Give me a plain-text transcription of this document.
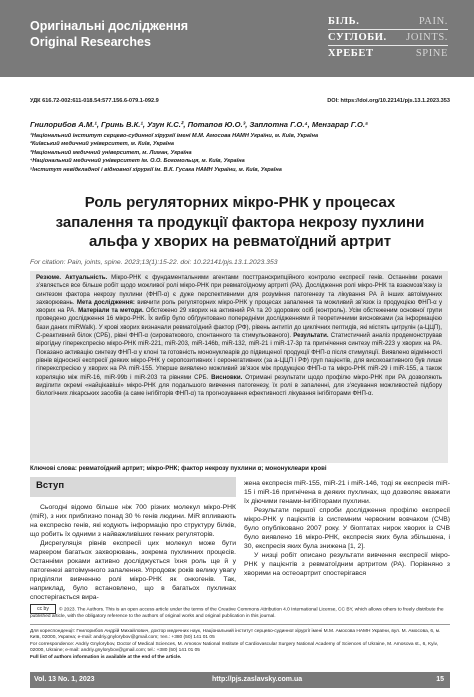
Оригінальні дослідження
Original Researches
БІЛЬ.	PAIN.
СУГЛОБИ. JOINTS.
ХРЕБЕТ	SPINE
УДК 616.72-002:611-018.54:577.156.6-079.1-092.9	DOI: https://doi.org/10.22141/pjs.13.1.2023.353
Гнилорибов А.М.¹, Гринь В.К.¹, Узун К.С.², Потапов Ю.О.³, Заплотна Г.О.⁴, Мензарар Г.О.⁵
¹Національний інститут серцево-судинної хірургії імені М.М. Амосова НАМН України, м. Київ, Україна
²Київський медичний університет, м. Київ, Україна
³Національний медичний університет, м. Лиман, Україна
⁴Національний медичний університет ім. О.О. Богомольця, м. Київ, Україна
⁵Інститут невідкладної і відновної хірургії ім. В.К. Гусака НАМН України, м. Київ, Україна
Роль регуляторних мікро-РНК у процесах запалення та продукції фактора некрозу пухлини альфа у хворих на ревматоїдний артрит
For citation: Pain, joints, spine. 2023;13(1):15-22. doi: 10.22141/pjs.13.1.2023.353
Резюме. Актуальність. Мікро-РНК є фундаментальними агентами посттранскрипційного контролю експресії генів. Останніми роками з’являється все більше робіт щодо можливої ролі мікро-РНК при ревматоїдному артриті (РА). Дослідження ролі мікро-РНК та взаємозв’язку із синтезом фактора некрозу пухлини (ФНП-α) є дуже перспективними для розуміння патогенезу та лікування РА й інших автоімунних захворювань. Мета дослідження: вивчити роль регуляторних мікро-РНК у процесах запалення та можливий зв’язок із продукцією ФНП-α у хворих на РА. Матеріали та методи. Обстежено 29 хворих на активний РА та 20 здорових осіб (контроль). Усім обстеженим основної групи проведено дослідження 16 мікро-РНК. Їх вибір було обґрунтовано попередніми дослідженнями й теоретичними висновками (за інформацією бази даних miRWalk). У крові хворих визначали ревматоїдний фактор (РФ), рівень антитіл до циклічних пептидів, які містять цитрулін (а-ЦЦП), С-реактивний білок (СРБ), рівні ФНП-α (сироваткового, спонтанного та стимульованого). Результати. Статистичний аналіз продемонстрував вірогідну гіперекспресію мікро-РНК miR-221, miR-203, miR-146b, miR-132, miR-21 і miR-17-3p та пригнічення синтезу miR-223 у хворих на РА. Показано активацію синтезу ФНП-α у клоні та готовність мононуклеарів до підвищеної продукції ФНП-α після стимуляції. Виявлено відмінності рівнів відносної експресії деяких мікро-РНК у серопозитивних і серонегативних (за а-ЦЦП і РФ) груп пацієнтів, для високоактивного був лише гіперекспресією у хворих на РА miR-155. Уперше виявлено можливий зв’язок між продукцією ФНП-α та мікро-РНК miR-29 і miR-155, а також кореляцію між miR-16, miR-99b і miR-203 та рівнями СРБ. Висновки. Отримані результати щодо профілю мікро-РНК при РА дозволяють виділити окремі «найцікавіші» мікро-РНК для подальшого вивчення патогенезу, їх ролі в запаленні, для з’ясування можливостей підбору біологічних лікарських засобів (а саме інгібіторів ФНП-α) та прогнозування ефективності лікування інгібіторами ФНП-α.
Ключові слова: ревматоїдний артрит; мікро-РНК; фактор некрозу пухлини α; мононуклеари крові
Вступ

Сьогодні відомо більше ніж 700 різних молекул мікро-РНК (miR), з них приблизно понад 30 % генів людини. MiR впливають на експресію генів, які кодують інформацію про структуру білків, що робить їх одними з найважливіших генних регуляторів.

Дисрегуляція рівнів експресії цих молекул може бути маркером багатьох захворювань, зокрема пухлинних процесів. Останніми роками активно досліджується їхня роль ще й у патогенезі автоімунного запалення. Упродовж років велику увагу приділяли вивченню ролі мікро-РНК як онкогенів. Так, наприклад, було встановлено, що в багатьох пухлинах спостерігається вира-

жена експресія miR-155, miR-21 і miR-146, тоді як експресія miR-15 і miR-16 пригнічена в деяких пухлинах, що дозволяє вважати їх діючими генами-інгібіторами пухлини.

Результати першої спроби дослідження профілю експресії мікро-РНК у пацієнтів із системним червоним вовчаком (СЧВ) було опубліковано 2007 року. У біоптатах нирок хворих із СЧВ було виявлено 16 мікро-РНК, експресія яких була збільшена, і 30, експресія яких була знижена [1, 2].

У низці робіт описано результати вивчення експресії мікро-РНК у пацієнтів з ревматоїдним артритом (РА). Порівняно з хворими на остеоартрит спостерігався

cc by © 2023. The Authors. This is an open access article under the terms of the Creative Commons Attribution 4.0 International License, CC BY, which allows others to freely distribute the published article, with the obligatory reference to the authors of original works and original publication in this journal.
Для кореспонденції: Гнилорибов Андрій Михайлович, доктор медичних наук, Національний інститут серцево-судинної хірургії імені М.М. Амосова НАМН України, вул. М. Амосова, 6, м. Київ, 02000, Україна; e-mail: andriy.gnylorybov@gmail.com; тел.: +380 (50) 141 01 05
For correspondence: Andriy Gnylorybov, Doctor of Medical Sciences, M. Amosov National Institute of Cardiovascular Surgery National Academy of Sciences of Ukraine, M. Amosova st., 6, Kyiv, 02000, Ukraine; e-mail: andriy.gnylorybov@gmail.com; tel.: +380 (50) 141 01 05
Full list of authors information is available at the end of the article.
Vol. 13 No. 1, 2023	http://pjs.zaslavsky.com.ua	15
